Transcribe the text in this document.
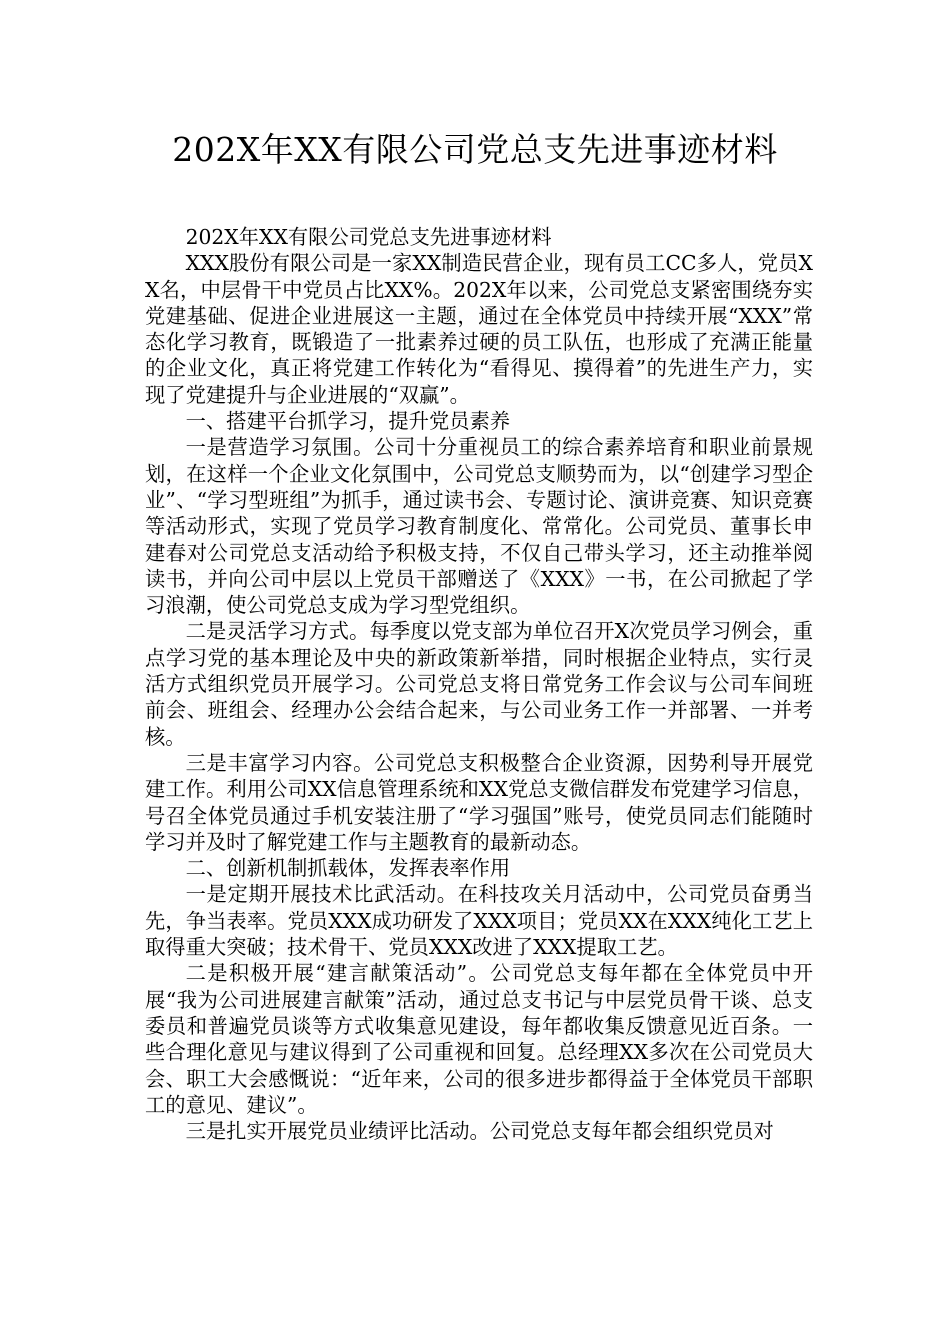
202X年XX有限公司党总支先进事迹材料

202X年XX有限公司党总支先进事迹材料

XXX股份有限公司是一家XX制造民营企业，现有员工CC多人，党员XX名，中层骨干中党员占比XX%。202X年以来，公司党总支紧密围绕夯实党建基础、促进企业进展这一主题，通过在全体党员中持续开展“XXX”常态化学习教育，既锻造了一批素养过硬的员工队伍，也形成了充满正能量的企业文化，真正将党建工作转化为“看得见、摸得着”的先进生产力，实现了党建提升与企业进展的“双赢”。

一、搭建平台抓学习，提升党员素养

一是营造学习氛围。公司十分重视员工的综合素养培育和职业前景规划，在这样一个企业文化氛围中，公司党总支顺势而为，以“创建学习型企业”、“学习型班组”为抓手，通过读书会、专题讨论、演讲竞赛、知识竞赛等活动形式，实现了党员学习教育制度化、常常化。公司党员、董事长申建春对公司党总支活动给予积极支持，不仅自己带头学习，还主动推举阅读书，并向公司中层以上党员干部赠送了《XXX》一书，在公司掀起了学习浪潮，使公司党总支成为学习型党组织。

二是灵活学习方式。每季度以党支部为单位召开X次党员学习例会，重点学习党的基本理论及中央的新政策新举措，同时根据企业特点，实行灵活方式组织党员开展学习。公司党总支将日常党务工作会议与公司车间班前会、班组会、经理办公会结合起来，与公司业务工作一并部署、一并考核。

三是丰富学习内容。公司党总支积极整合企业资源，因势利导开展党建工作。利用公司XX信息管理系统和XX党总支微信群发布党建学习信息，号召全体党员通过手机安装注册了“学习强国”账号，使党员同志们能随时学习并及时了解党建工作与主题教育的最新动态。

二、创新机制抓载体，发挥表率作用

一是定期开展技术比武活动。在科技攻关月活动中，公司党员奋勇当先，争当表率。党员XXX成功研发了XXX项目；党员XX在XXX纯化工艺上取得重大突破；技术骨干、党员XXX改进了XXX提取工艺。

二是积极开展“建言献策活动”。公司党总支每年都在全体党员中开展“我为公司进展建言献策”活动，通过总支书记与中层党员骨干谈、总支委员和普遍党员谈等方式收集意见建设，每年都收集反馈意见近百条。一些合理化意见与建议得到了公司重视和回复。总经理XX多次在公司党员大会、职工大会感慨说：“近年来，公司的很多进步都得益于全体党员干部职工的意见、建议”。

三是扎实开展党员业绩评比活动。公司党总支每年都会组织党员对
